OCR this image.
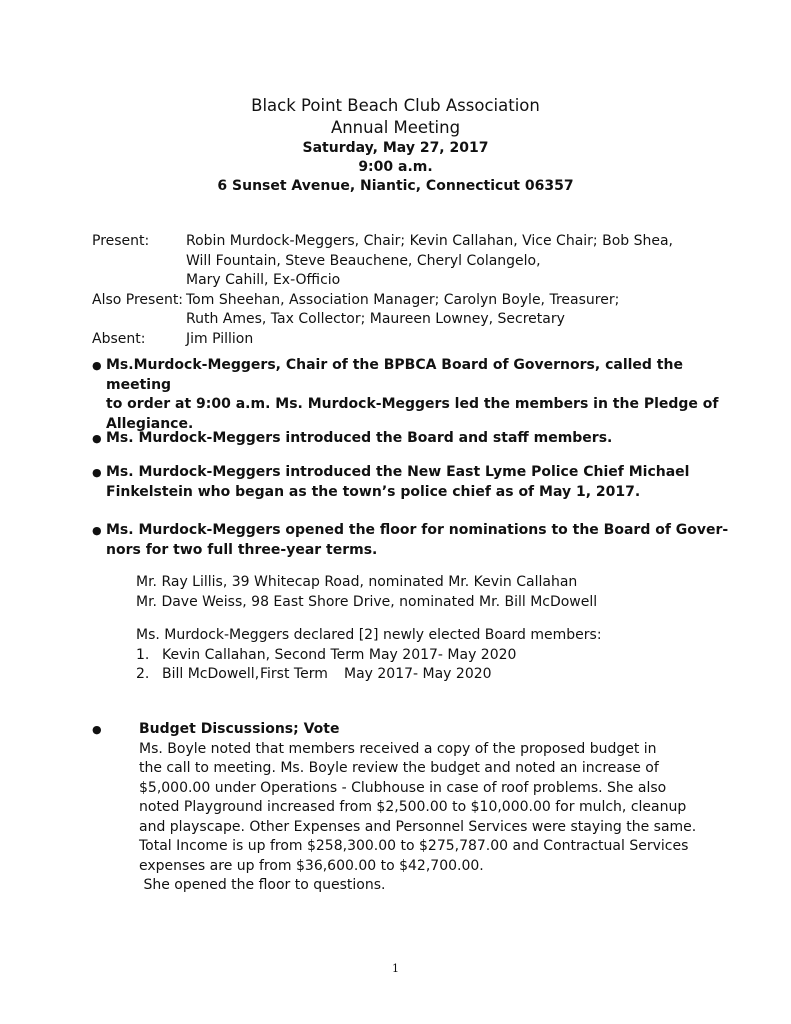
Black Point Beach Club Association
Annual Meeting
Saturday, May 27, 2017
9:00 a.m.
6 Sunset Avenue, Niantic, Connecticut 06357
Present:	Robin Murdock-Meggers, Chair; Kevin Callahan, Vice Chair; Bob Shea,
Will Fountain, Steve Beauchene, Cheryl Colangelo,
Mary Cahill, Ex-Officio
Also Present: Tom Sheehan, Association Manager; Carolyn Boyle, Treasurer;
Ruth Ames, Tax Collector; Maureen Lowney, Secretary
Absent:	Jim Pillion
● Ms.Murdock-Meggers, Chair of the BPBCA Board of Governors, called the meeting
to order at 9:00 a.m. Ms. Murdock-Meggers led the members in the Pledge of
Allegiance.
● Ms. Murdock-Meggers introduced the Board and staff members.
● Ms. Murdock-Meggers introduced the New East Lyme Police Chief Michael
Finkelstein who began as the town’s police chief as of May 1, 2017.
● Ms. Murdock-Meggers opened the floor for nominations to the Board of Gover-
nors for two full three-year terms.
Mr. Ray Lillis, 39 Whitecap Road, nominated Mr. Kevin Callahan
Mr. Dave Weiss, 98 East Shore Drive, nominated Mr. Bill McDowell
Ms. Murdock-Meggers declared [2] newly elected Board members:
1. Kevin Callahan, Second Term May 2017- May 2020
2. Bill McDowell, First Term	May 2017- May 2020
●	Budget Discussions; Vote
Ms. Boyle noted that members received a copy of the proposed budget in
the call to meeting. Ms. Boyle review the budget and noted an increase of
$5,000.00 under Operations - Clubhouse in case of roof problems. She also
noted Playground increased from $2,500.00 to $10,000.00 for mulch, cleanup
and playscape. Other Expenses and Personnel Services were staying the same.
Total Income is up from $258,300.00 to $275,787.00 and Contractual Services
expenses are up from $36,600.00 to $42,700.00.
She opened the floor to questions.
1
